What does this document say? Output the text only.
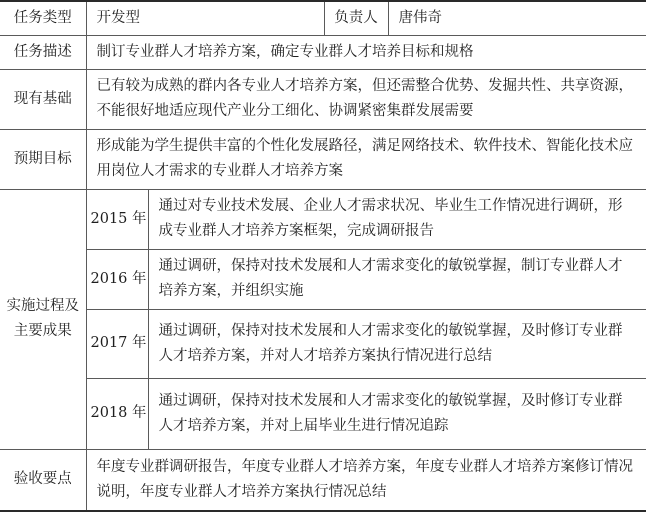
任务类型	开发型		负责人	唐伟奇
任务描述	制订专业群人才培养方案，确定专业群人才培养目标和规格			
现有基础	已有较为成熟的群内各专业人才培养方案，但还需整合优势、发掘共性、共享资源，不能很好地适应现代产业分工细化、协调紧密集群发展需要			
预期目标	形成能为学生提供丰富的个性化发展路径，满足网络技术、软件技术、智能化技术应用岗位人才需求的专业群人才培养方案			
实施过程及主要成果	2015 年	通过对专业技术发展、企业人才需求状况、毕业生工作情况进行调研，形成专业群人才培养方案框架，完成调研报告		
	2016 年	通过调研，保持对技术发展和人才需求变化的敏锐掌握，制订专业群人才培养方案，并组织实施		
	2017 年	通过调研，保持对技术发展和人才需求变化的敏锐掌握，及时修订专业群人才培养方案，并对人才培养方案执行情况进行总结		
	2018 年	通过调研，保持对技术发展和人才需求变化的敏锐掌握，及时修订专业群人才培养方案，并对上届毕业生进行情况追踪		
验收要点	年度专业群调研报告，年度专业群人才培养方案，年度专业群人才培养方案修订情况说明，年度专业群人才培养方案执行情况总结			
